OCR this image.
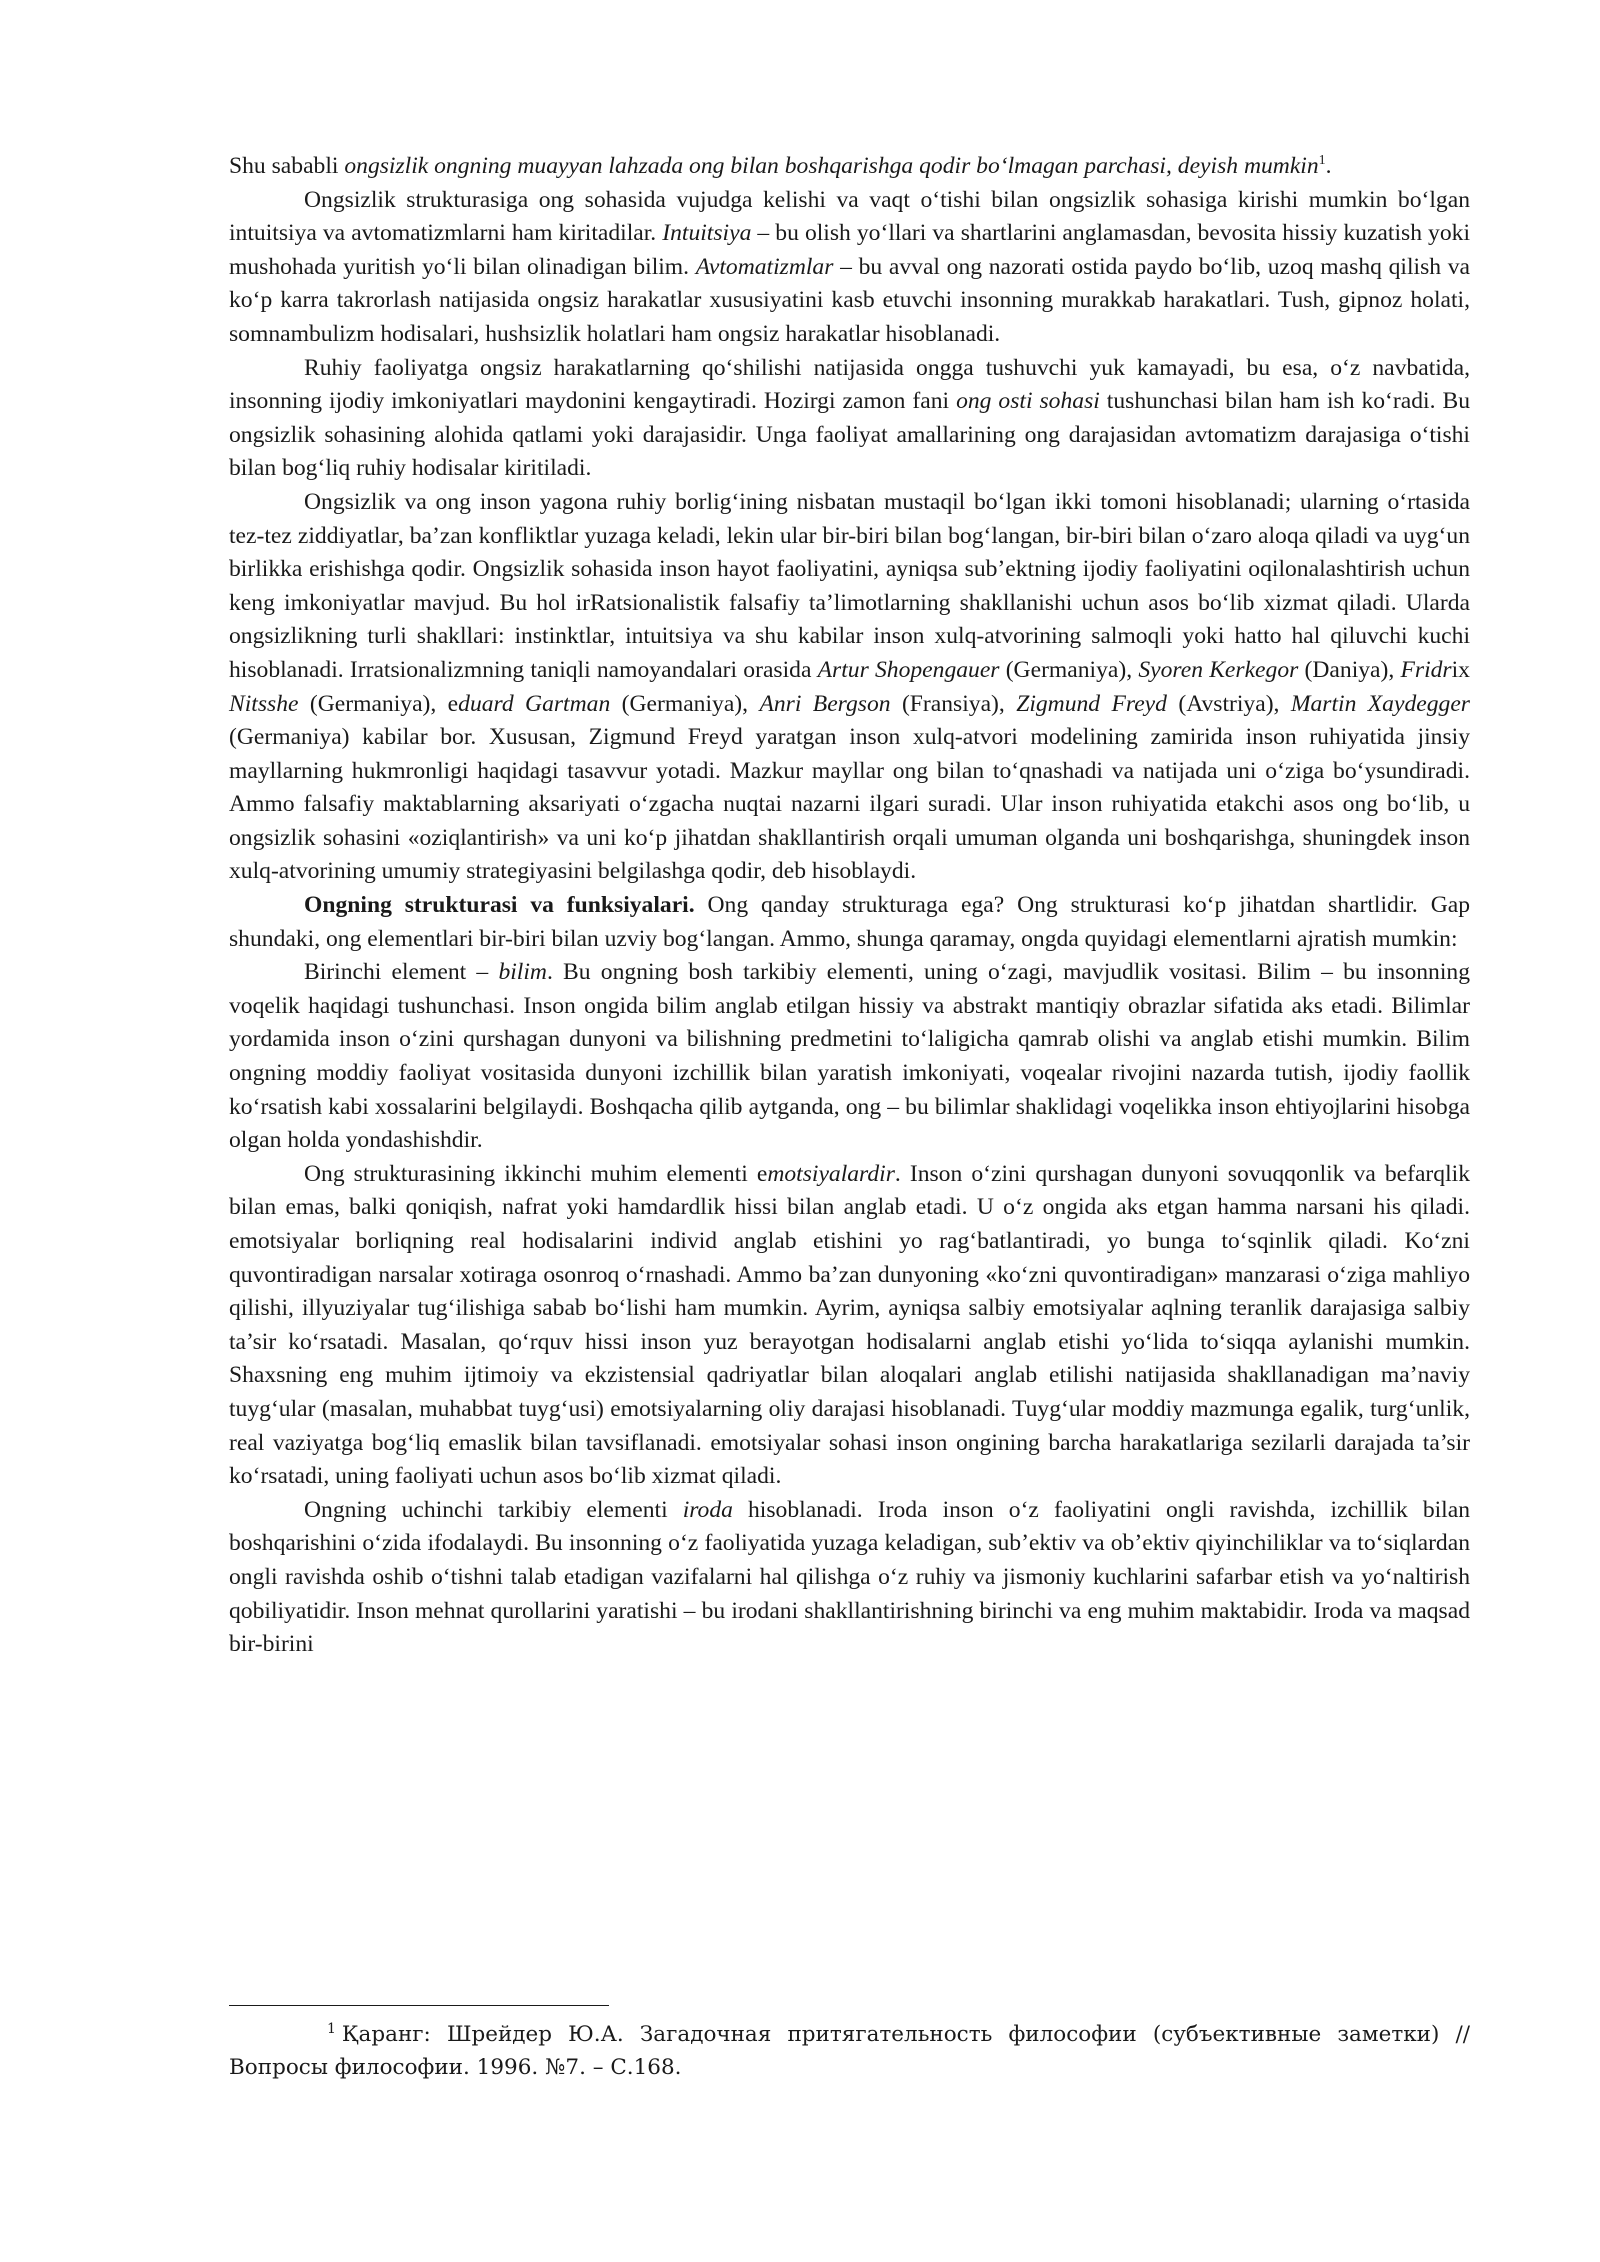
Shu sababli ongsizlik ongning muayyan lahzada ong bilan boshqarishga qodir bo‘lmagan parchasi, deyish mumkin$^1$.

Ongsizlik strukturasiga ong sohasida vujudga kelishi va vaqt o‘tishi bilan ongsizlik sohasiga kirishi mumkin bo‘lgan intuitsiya va avtomatizmlarni ham kiritadilar. Intuitsiya – bu olish yo‘llari va shartlarini anglamasdan, bevosita hissiy kuzatish yoki mushohada yuritish yo‘li bilan olinadigan bilim. Avtomatizmlar – bu avval ong nazorati ostida paydo bo‘lib, uzoq mashq qilish va ko‘p karra takrorlash natijasida ongsiz harakatlar xususiyatini kasb etuvchi insonning murakkab harakatlari. Tush, gipnoz holati, somnambulizm hodisalari, hushsizlik holatlari ham ongsiz harakatlar hisoblanadi.

Ruhiy faoliyatga ongsiz harakatlarning qo‘shilishi natijasida ongga tushuvchi yuk kamayadi, bu esa, o‘z navbatida, insonning ijodiy imkoniyatlari maydonini kengaytiradi. Hozirgi zamon fani ong osti sohasi tushunchasi bilan ham ish ko‘radi. Bu ongsizlik sohasining alohida qatlami yoki darajasidir. Unga faoliyat amallarining ong darajasidan avtomatizm darajasiga o‘tishi bilan bog‘liq ruhiy hodisalar kiritiladi.

Ongsizlik va ong inson yagona ruhiy borlig‘ining nisbatan mustaqil bo‘lgan ikki tomoni hisoblanadi; ularning o‘rtasida tez-tez ziddiyatlar, ba’zan konfliktlar yuzaga keladi, lekin ular bir-biri bilan bog‘langan, bir-biri bilan o‘zaro aloqa qiladi va uyg‘un birlikka erishishga qodir. Ongsizlik sohasida inson hayot faoliyatini, ayniqsa sub’ektning ijodiy faoliyatini oqilonalashtirish uchun keng imkoniyatlar mavjud. Bu hol irRatsionalistik falsafiy ta’limotlarning shakllanishi uchun asos bo‘lib xizmat qiladi. Ularda ongsizlikning turli shakllari: instinktlar, intuitsiya va shu kabilar inson xulq-atvorining salmoqli yoki hatto hal qiluvchi kuchi hisoblanadi. Irratsionalizmning taniqli namoyandalari orasida Artur Shopengauer (Germaniya), Syoren Kerkegor (Daniya), Fridrix Nitsshe (Germaniya), eduard Gartman (Germaniya), Anri Bergson (Fransiya), Zigmund Freyd (Avstriya), Martin Xaydegger (Germaniya) kabilar bor. Xususan, Zigmund Freyd yaratgan inson xulq-atvori modelining zamirida inson ruhiyatida jinsiy mayllarning hukmronligi haqidagi tasavvur yotadi. Mazkur mayllar ong bilan to‘qnashadi va natijada uni o‘ziga bo‘ysundiradi. Ammo falsafiy maktablarning aksariyati o‘zgacha nuqtai nazarni ilgari suradi. Ular inson ruhiyatida etakchi asos ong bo‘lib, u ongsizlik sohasini «oziqlantirish» va uni ko‘p jihatdan shakllantirish orqali umuman olganda uni boshqarishga, shuningdek inson xulq-atvorining umumiy strategiyasini belgilashga qodir, deb hisoblaydi.

Ongning strukturasi va funksiyalari. Ong qanday strukturaga ega? Ong strukturasi ko‘p jihatdan shartlidir. Gap shundaki, ong elementlari bir-biri bilan uzviy bog‘langan. Ammo, shunga qaramay, ongda quyidagi elementlarni ajratish mumkin:

Birinchi element – bilim. Bu ongning bosh tarkibiy elementi, uning o‘zagi, mavjudlik vositasi. Bilim – bu insonning voqelik haqidagi tushunchasi. Inson ongida bilim anglab etilgan hissiy va abstrakt mantiqiy obrazlar sifatida aks etadi. Bilimlar yordamida inson o‘zini qurshagan dunyoni va bilishning predmetini to‘laligicha qamrab olishi va anglab etishi mumkin. Bilim ongning moddiy faoliyat vositasida dunyoni izchillik bilan yaratish imkoniyati, voqealar rivojini nazarda tutish, ijodiy faollik ko‘rsatish kabi xossalarini belgilaydi. Boshqacha qilib aytganda, ong – bu bilimlar shaklidagi voqelikka inson ehtiyojlarini hisobga olgan holda yondashishdir.

Ong strukturasining ikkinchi muhim elementi emotsiyalardir. Inson o‘zini qurshagan dunyoni sovuqqonlik va befarqlik bilan emas, balki qoniqish, nafrat yoki hamdardlik hissi bilan anglab etadi. U o‘z ongida aks etgan hamma narsani his qiladi. emotsiyalar borliqning real hodisalarini individ anglab etishini yo rag‘batlantiradi, yo bunga to‘sqinlik qiladi. Ko‘zni quvontiradigan narsalar xotiraga osonroq o‘rnashadi. Ammo ba’zan dunyoning «ko‘zni quvontiradigan» manzarasi o‘ziga mahliyo qilishi, illyuziyalar tug‘ilishiga sabab bo‘lishi ham mumkin. Ayrim, ayniqsa salbiy emotsiyalar aqlning teranlik darajasiga salbiy ta’sir ko‘rsatadi. Masalan, qo‘rquv hissi inson yuz berayotgan hodisalarni anglab etishi yo‘lida to‘siqqa aylanishi mumkin. Shaxsning eng muhim ijtimoiy va ekzistensial qadriyatlar bilan aloqalari anglab etilishi natijasida shakllanadigan ma’naviy tuyg‘ular (masalan, muhabbat tuyg‘usi) emotsiyalarning oliy darajasi hisoblanadi. Tuyg‘ular moddiy mazmunga egalik, turg‘unlik, real vaziyatga bog‘liq emaslik bilan tavsiflanadi. emotsiyalar sohasi inson ongining barcha harakatlariga sezilarli darajada ta’sir ko‘rsatadi, uning faoliyati uchun asos bo‘lib xizmat qiladi.

Ongning uchinchi tarkibiy elementi iroda hisoblanadi. Iroda inson o‘z faoliyatini ongli ravishda, izchillik bilan boshqarishini o‘zida ifodalaydi. Bu insonning o‘z faoliyatida yuzaga keladigan, sub’ektiv va ob’ektiv qiyinchiliklar va to‘siqlardan ongli ravishda oshib o‘tishni talab etadigan vazifalarni hal qilishga o‘z ruhiy va jismoniy kuchlarini safarbar etish va yo‘naltirish qobiliyatidir. Inson mehnat qurollarini yaratishi – bu irodani shakllantirishning birinchi va eng muhim maktabidir. Iroda va maqsad bir-birini

$^1$ Қаранг: Шрейдер Ю.А. Загадочная притягательность философии (субъективные заметки) // Вопросы философии. 1996. №7. – С.168.
